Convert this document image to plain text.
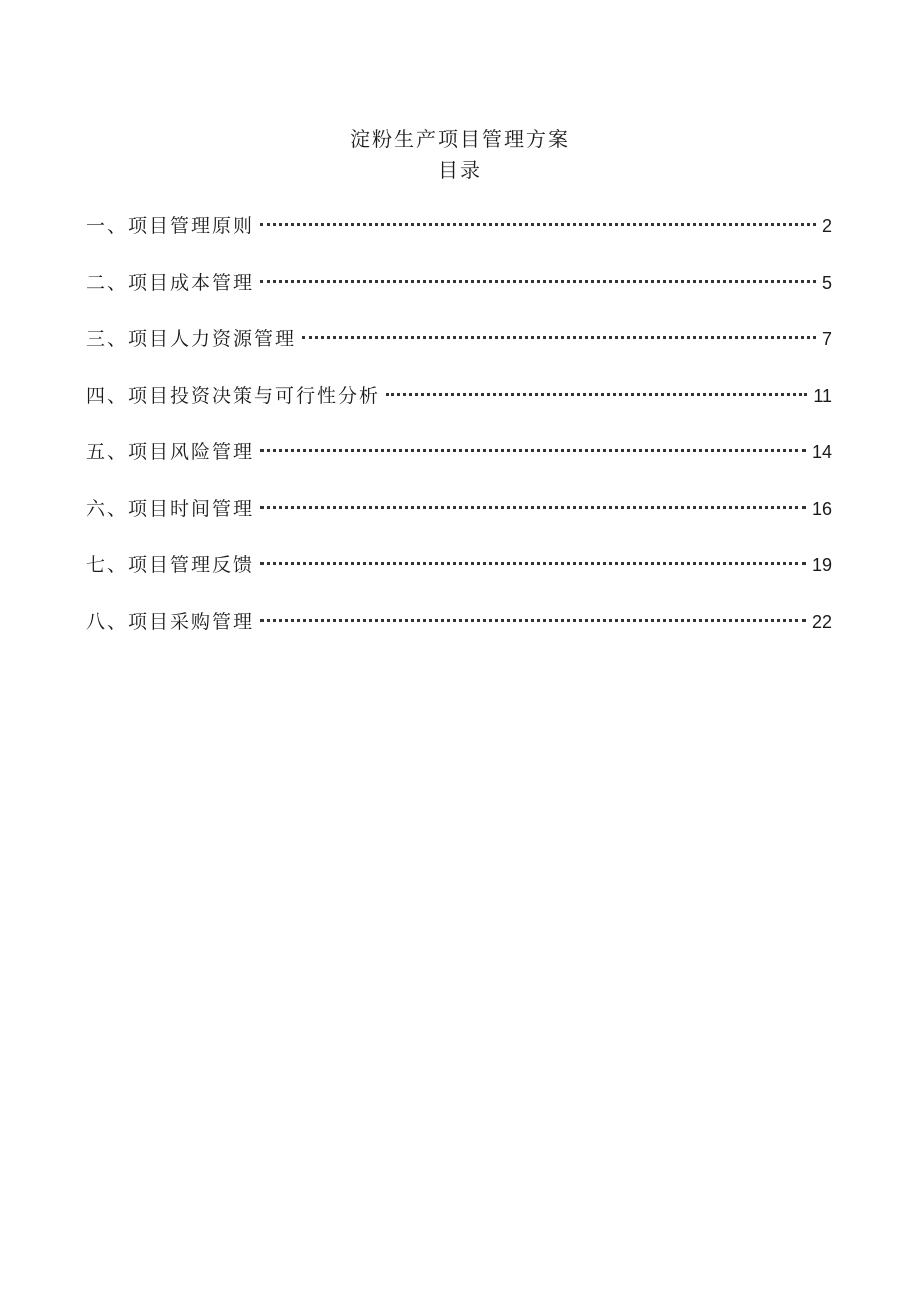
淀粉生产项目管理方案
目录
一、项目管理原则	2
二、项目成本管理	5
三、项目人力资源管理	7
四、项目投资决策与可行性分析	11
五、项目风险管理	14
六、项目时间管理	16
七、项目管理反馈	19
八、项目采购管理	22
